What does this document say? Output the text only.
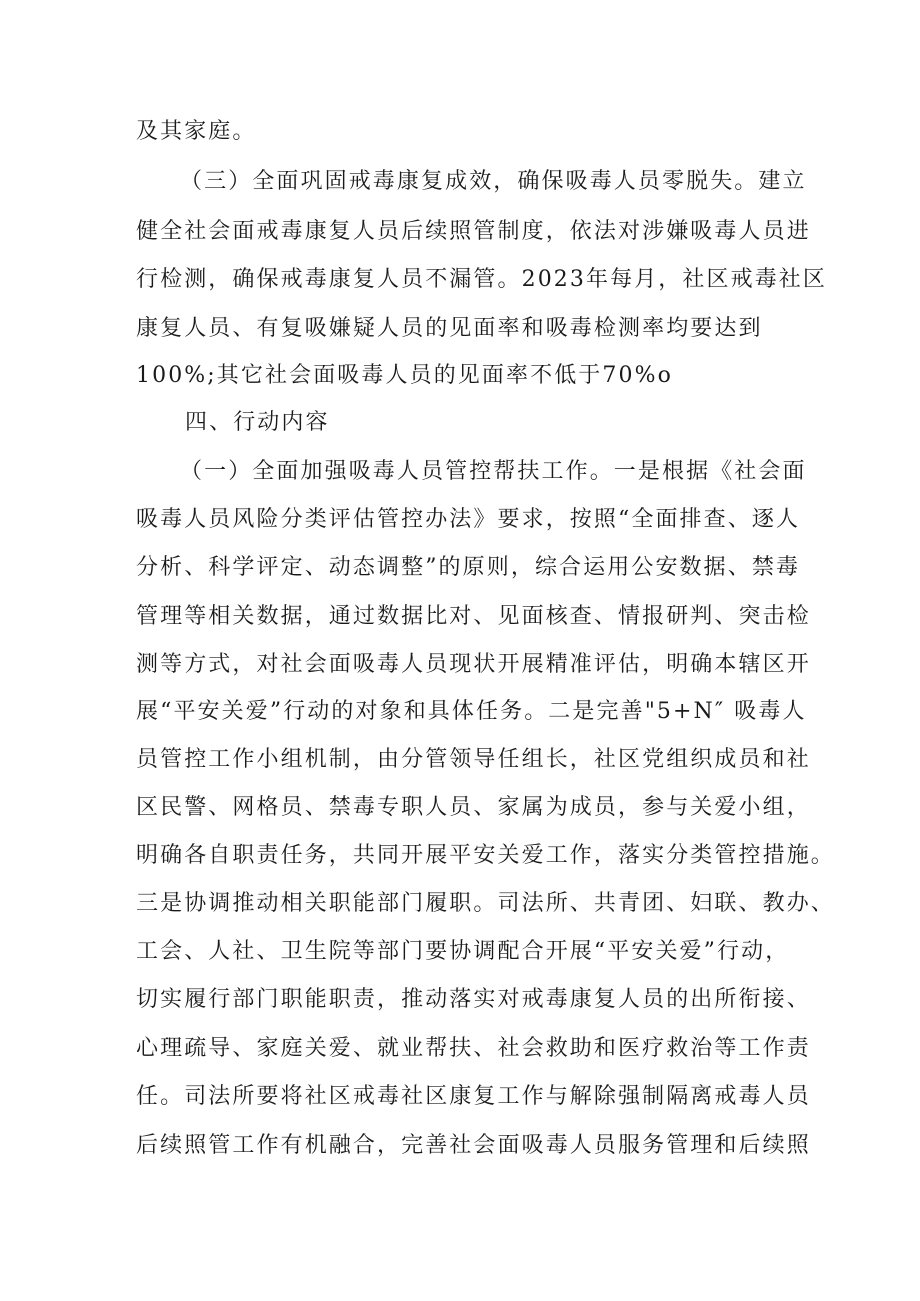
及其家庭。
（三）全面巩固戒毒康复成效，确保吸毒人员零脱失。建立
健全社会面戒毒康复人员后续照管制度，依法对涉嫌吸毒人员进
行检测，确保戒毒康复人员不漏管。2023年每月，社区戒毒社区
康复人员、有复吸嫌疑人员的见面率和吸毒检测率均要达到
100%;其它社会面吸毒人员的见面率不低于70%o
四、行动内容
（一）全面加强吸毒人员管控帮扶工作。一是根据《社会面
吸毒人员风险分类评估管控办法》要求，按照“全面排查、逐人
分析、科学评定、动态调整”的原则，综合运用公安数据、禁毒
管理等相关数据，通过数据比对、见面核查、情报研判、突击检
测等方式，对社会面吸毒人员现状开展精准评估，明确本辖区开
展“平安关爱”行动的对象和具体任务。二是完善"5+N″ 吸毒人
员管控工作小组机制，由分管领导任组长，社区党组织成员和社
区民警、网格员、禁毒专职人员、家属为成员，参与关爱小组，
明确各自职责任务，共同开展平安关爱工作，落实分类管控措施。
三是协调推动相关职能部门履职。司法所、共青团、妇联、教办、
工会、人社、卫生院等部门要协调配合开展“平安关爱”行动，
切实履行部门职能职责，推动落实对戒毒康复人员的出所衔接、
心理疏导、家庭关爱、就业帮扶、社会救助和医疗救治等工作责
任。司法所要将社区戒毒社区康复工作与解除强制隔离戒毒人员
后续照管工作有机融合，完善社会面吸毒人员服务管理和后续照
